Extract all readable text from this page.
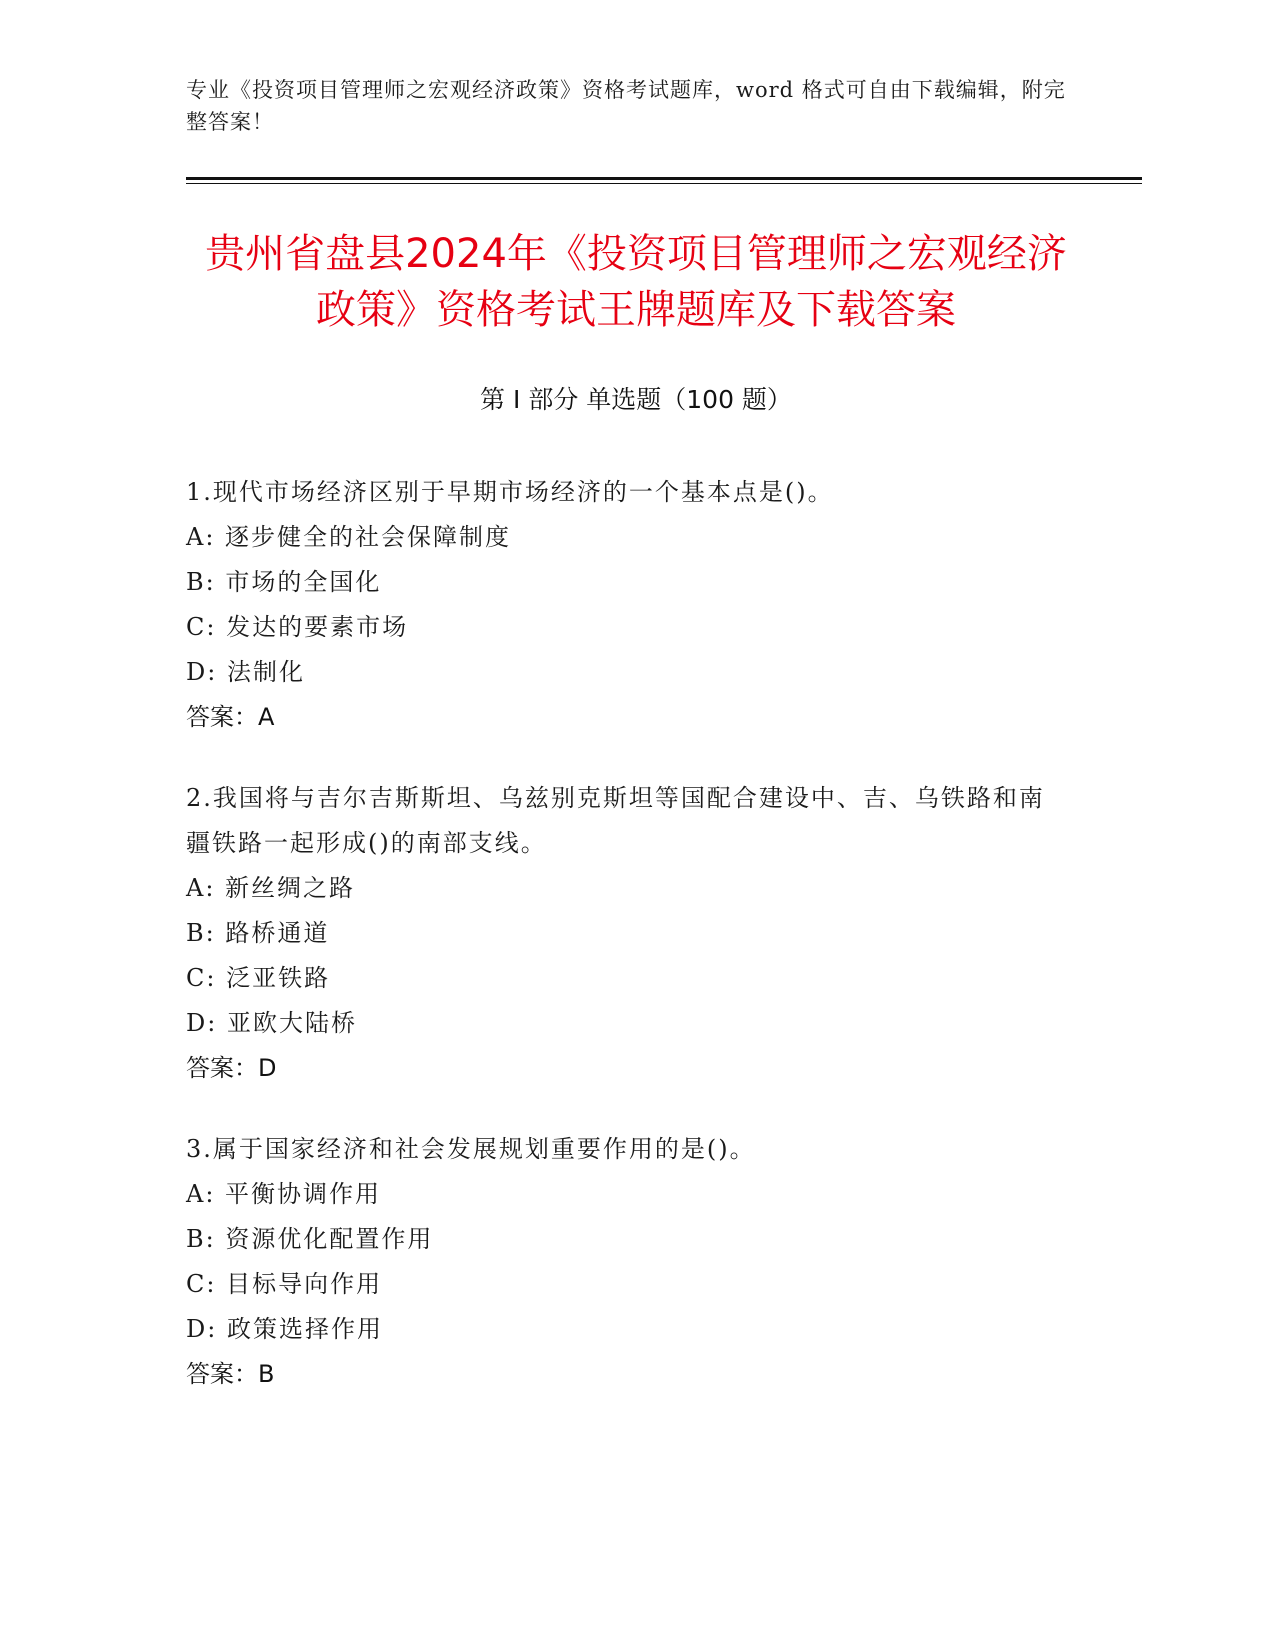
专业《投资项目管理师之宏观经济政策》资格考试题库，word 格式可自由下载编辑，附完整答案！
贵州省盘县2024年《投资项目管理师之宏观经济政策》资格考试王牌题库及下载答案
第 I 部分 单选题（100 题）
1.现代市场经济区别于早期市场经济的一个基本点是()。
A: 逐步健全的社会保障制度
B: 市场的全国化
C: 发达的要素市场
D: 法制化
答案：A
2.我国将与吉尔吉斯斯坦、乌兹别克斯坦等国配合建设中、吉、乌铁路和南疆铁路一起形成()的南部支线。
A: 新丝绸之路
B: 路桥通道
C: 泛亚铁路
D: 亚欧大陆桥
答案：D
3.属于国家经济和社会发展规划重要作用的是()。
A: 平衡协调作用
B: 资源优化配置作用
C: 目标导向作用
D: 政策选择作用
答案：B
